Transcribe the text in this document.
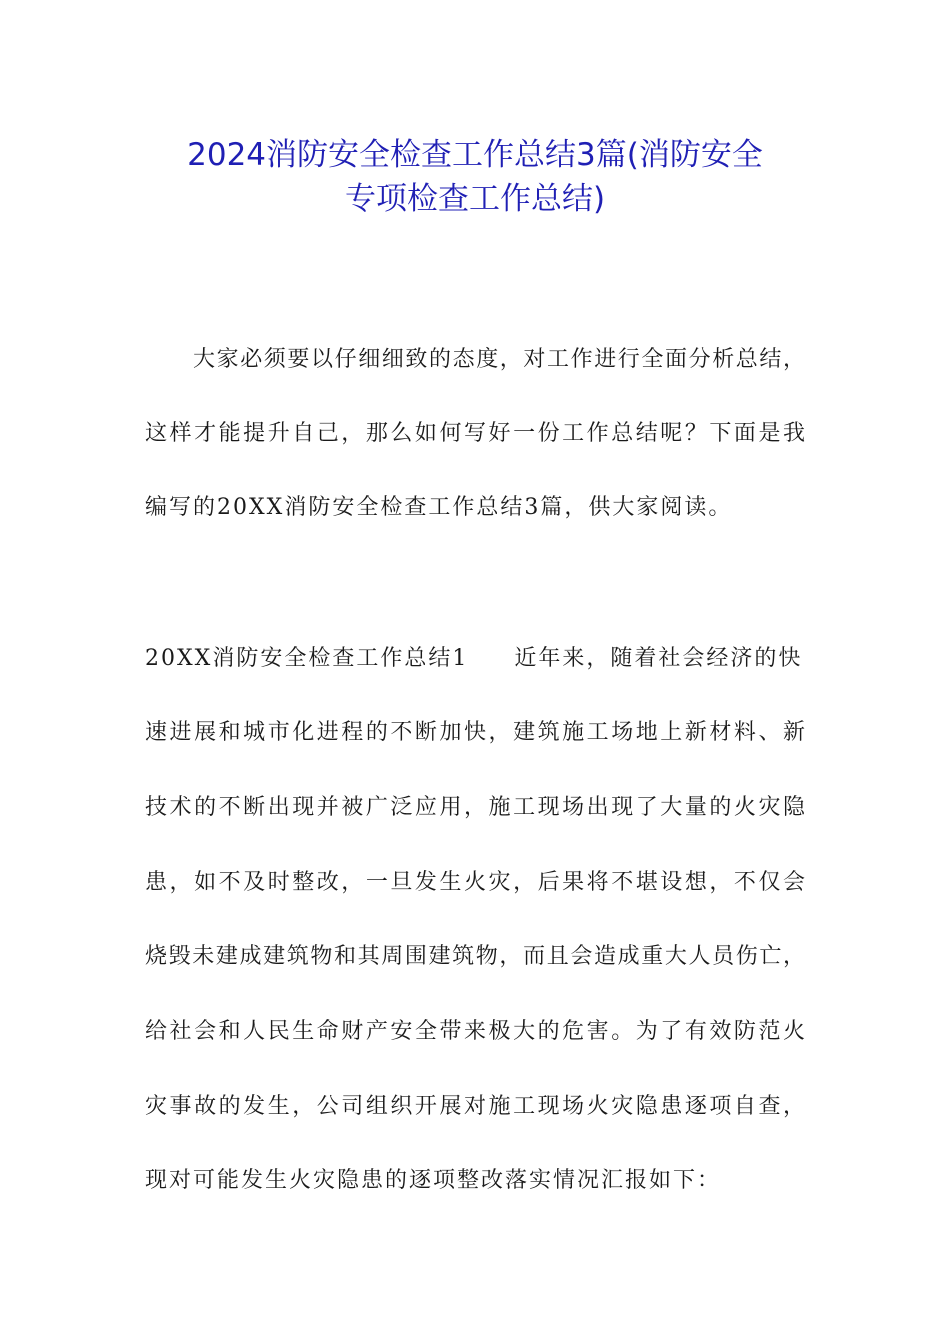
2024消防安全检查工作总结3篇(消防安全
专项检查工作总结)
大家必须要以仔细细致的态度，对工作进行全面分析总结，
这样才能提升自己，那么如何写好一份工作总结呢？下面是我
编写的20XX消防安全检查工作总结3篇，供大家阅读。
20XX消防安全检查工作总结1 近年来，随着社会经济的快
速进展和城市化进程的不断加快，建筑施工场地上新材料、新
技术的不断出现并被广泛应用，施工现场出现了大量的火灾隐
患，如不及时整改，一旦发生火灾，后果将不堪设想，不仅会
烧毁未建成建筑物和其周围建筑物，而且会造成重大人员伤亡，
给社会和人民生命财产安全带来极大的危害。为了有效防范火
灾事故的发生，公司组织开展对施工现场火灾隐患逐项自查，
现对可能发生火灾隐患的逐项整改落实情况汇报如下：
